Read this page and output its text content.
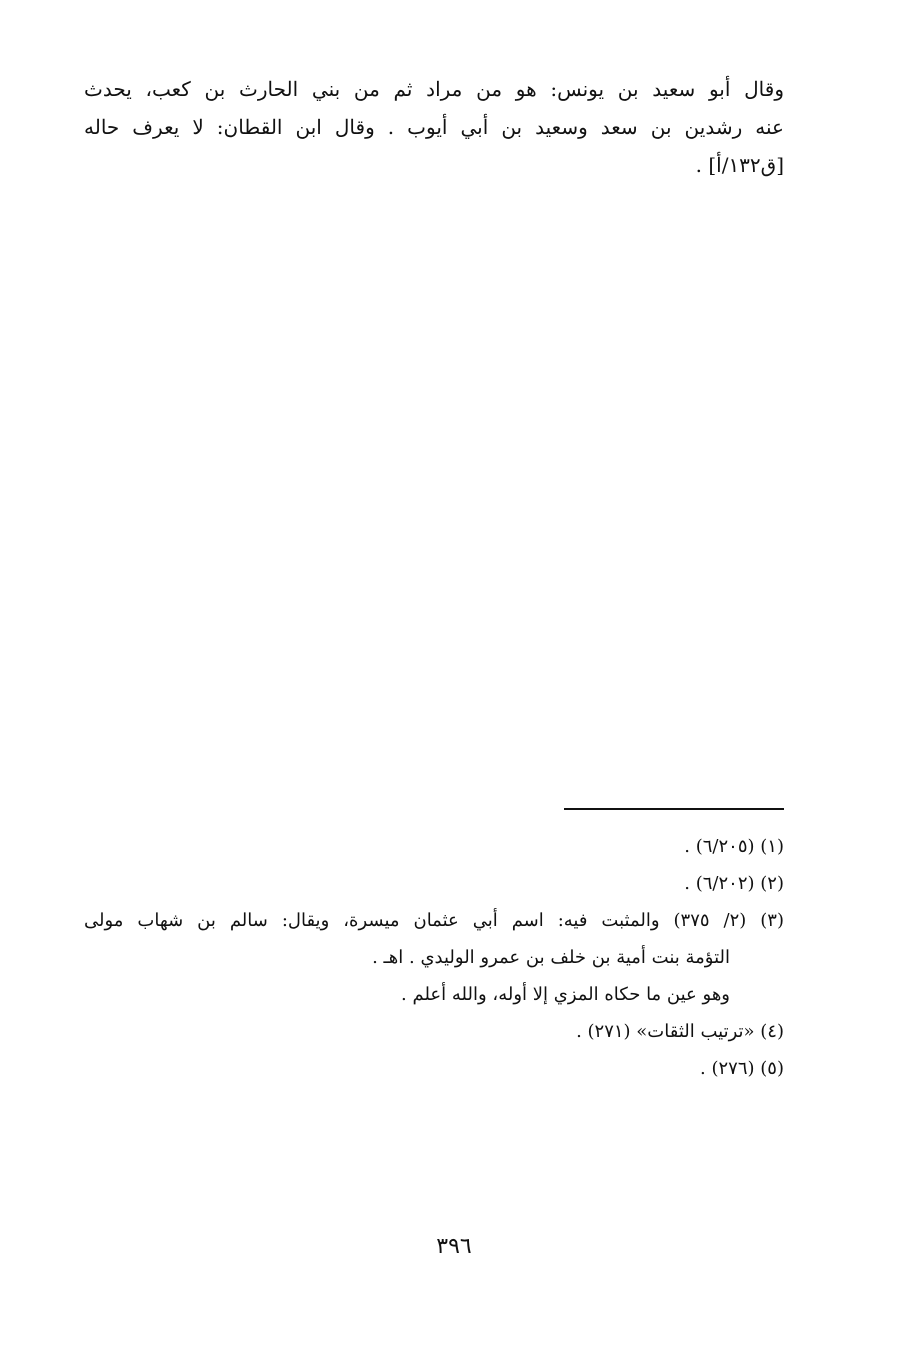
وقال أبو سعيد بن يونس: هو من مراد ثم من بني الحارث بن كعب، يحدث
عنه رشدين بن سعد وسعيد بن أبي أيوب . وقال ابن القطان: لا يعرف حاله
[ق١٣٢/أ] .
(١) (٦/٢٠٥) .
(٢) (٦/٢٠٢) .
(٣) (٢/ ٣٧٥) والمثبت فيه: اسم أبي عثمان ميسرة، ويقال: سالم بن شهاب مولى
التؤمة بنت أمية بن خلف بن عمرو الوليدي . اهـ .
وهو عين ما حكاه المزي إلا أوله، والله أعلم .
(٤) «ترتيب الثقات» (٢٧١) .
(٥) (٢٧٦) .
٣٩٦
